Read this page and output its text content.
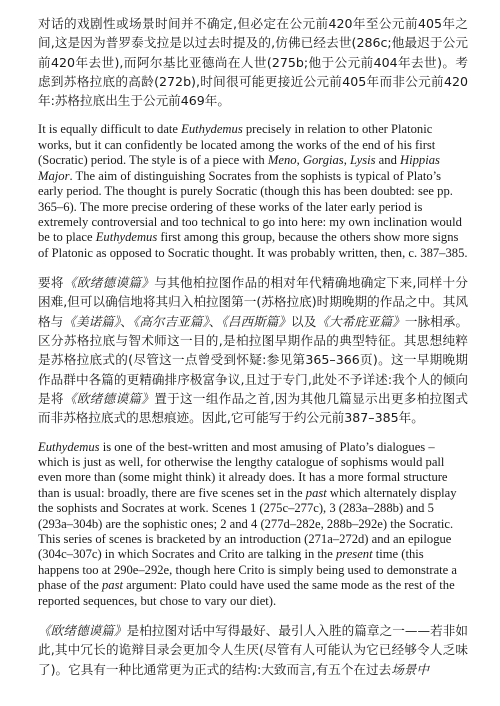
对话的戏剧性或场景时间并不确定,但必定在公元前420年至公元前405年之间,这是因为普罗泰戈拉是以过去时提及的,仿佛已经去世(286c;他最迟于公元前420年去世),而阿尔基比亚德尚在人世(275b;他于公元前404年去世)。考虑到苏格拉底的高龄(272b),时间很可能更接近公元前405年而非公元前420年:苏格拉底出生于公元前469年。

It is equally difficult to date Euthydemus precisely in relation to other Platonic works, but it can confidently be located among the works of the end of his first (Socratic) period. The style is of a piece with Meno, Gorgias, Lysis and Hippias Major. The aim of distinguishing Socrates from the sophists is typical of Plato’s early period. The thought is purely Socratic (though this has been doubted: see pp. 365–6). The more precise ordering of these works of the later early period is extremely controversial and too technical to go into here: my own inclination would be to place Euthydemus first among this group, because the others show more signs of Platonic as opposed to Socratic thought. It was probably written, then, c. 387–385.

要将《欧绪德谟篇》与其他柏拉图作品的相对年代精确地确定下来,同样十分困难,但可以确信地将其归入柏拉图第一(苏格拉底)时期晚期的作品之中。其风格与《美诺篇》、《高尔吉亚篇》、《吕西斯篇》以及《大希庇亚篇》一脉相承。区分苏格拉底与智术师这一目的,是柏拉图早期作品的典型特征。其思想纯粹是苏格拉底式的(尽管这一点曾受到怀疑:参见第365–366页)。这一早期晚期作品群中各篇的更精确排序极富争议,且过于专门,此处不予详述:我个人的倾向是将《欧绪德谟篇》置于这一组作品之首,因为其他几篇显示出更多柏拉图式而非苏格拉底式的思想痕迹。因此,它可能写于约公元前387–385年。

Euthydemus is one of the best-written and most amusing of Plato’s dialogues – which is just as well, for otherwise the lengthy catalogue of sophisms would pall even more than (some might think) it already does. It has a more formal structure than is usual: broadly, there are five scenes set in the past which alternately display the sophists and Socrates at work. Scenes 1 (275c–277c), 3 (283a–288b) and 5 (293a–304b) are the sophistic ones; 2 and 4 (277d–282e, 288b–292e) the Socratic. This series of scenes is bracketed by an introduction (271a–272d) and an epilogue (304c–307c) in which Socrates and Crito are talking in the present time (this happens too at 290e–292e, though here Crito is simply being used to demonstrate a phase of the past argument: Plato could have used the same mode as the rest of the reported sequences, but chose to vary our diet).

《欧绪德谟篇》是柏拉图对话中写得最好、最引人入胜的篇章之一——若非如此,其中冗长的诡辩目录会更加令人生厌(尽管有人可能认为它已经够令人乏味了)。它具有一种比通常更为正式的结构:大致而言,有五个在过去场景中
